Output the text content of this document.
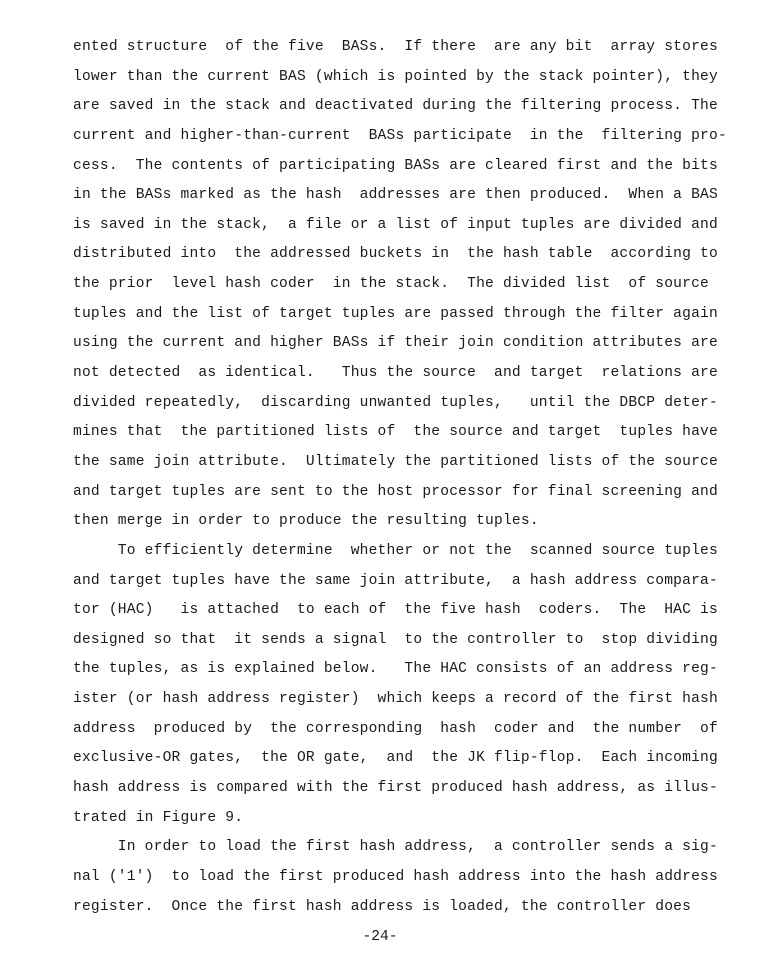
ented structure  of the five  BASs.  If there  are any bit  array stores
lower than the current BAS (which is pointed by the stack pointer), they
are saved in the stack and deactivated during the filtering process. The
current and higher-than-current  BASs participate  in the  filtering pro-
cess.  The contents of participating BASs are cleared first and the bits
in the BASs marked as the hash  addresses are then produced.  When a BAS
is saved in the stack,  a file or a list of input tuples are divided and
distributed into  the addressed buckets in  the hash table  according to
the prior  level hash coder  in the stack.  The divided list  of source
tuples and the list of target tuples are passed through the filter again
using the current and higher BASs if their join condition attributes are
not detected  as identical.   Thus the source  and target  relations are
divided repeatedly,  discarding unwanted tuples,   until the DBCP deter-
mines that  the partitioned lists of  the source and target  tuples have
the same join attribute.  Ultimately the partitioned lists of the source
and target tuples are sent to the host processor for final screening and
then merge in order to produce the resulting tuples.
To efficiently determine  whether or not the  scanned source tuples
and target tuples have the same join attribute,  a hash address compara-
tor (HAC)   is attached  to each of  the five hash  coders.  The  HAC is
designed so that  it sends a signal  to the controller to  stop dividing
the tuples, as is explained below.   The HAC consists of an address reg-
ister (or hash address register)  which keeps a record of the first hash
address  produced by  the corresponding  hash  coder and  the number  of
exclusive-OR gates,  the OR gate,  and  the JK flip-flop.  Each incoming
hash address is compared with the first produced hash address, as illus-
trated in Figure 9.
In order to load the first hash address,  a controller sends a sig-
nal ('1')  to load the first produced hash address into the hash address
register.  Once the first hash address is loaded, the controller does
-24-
